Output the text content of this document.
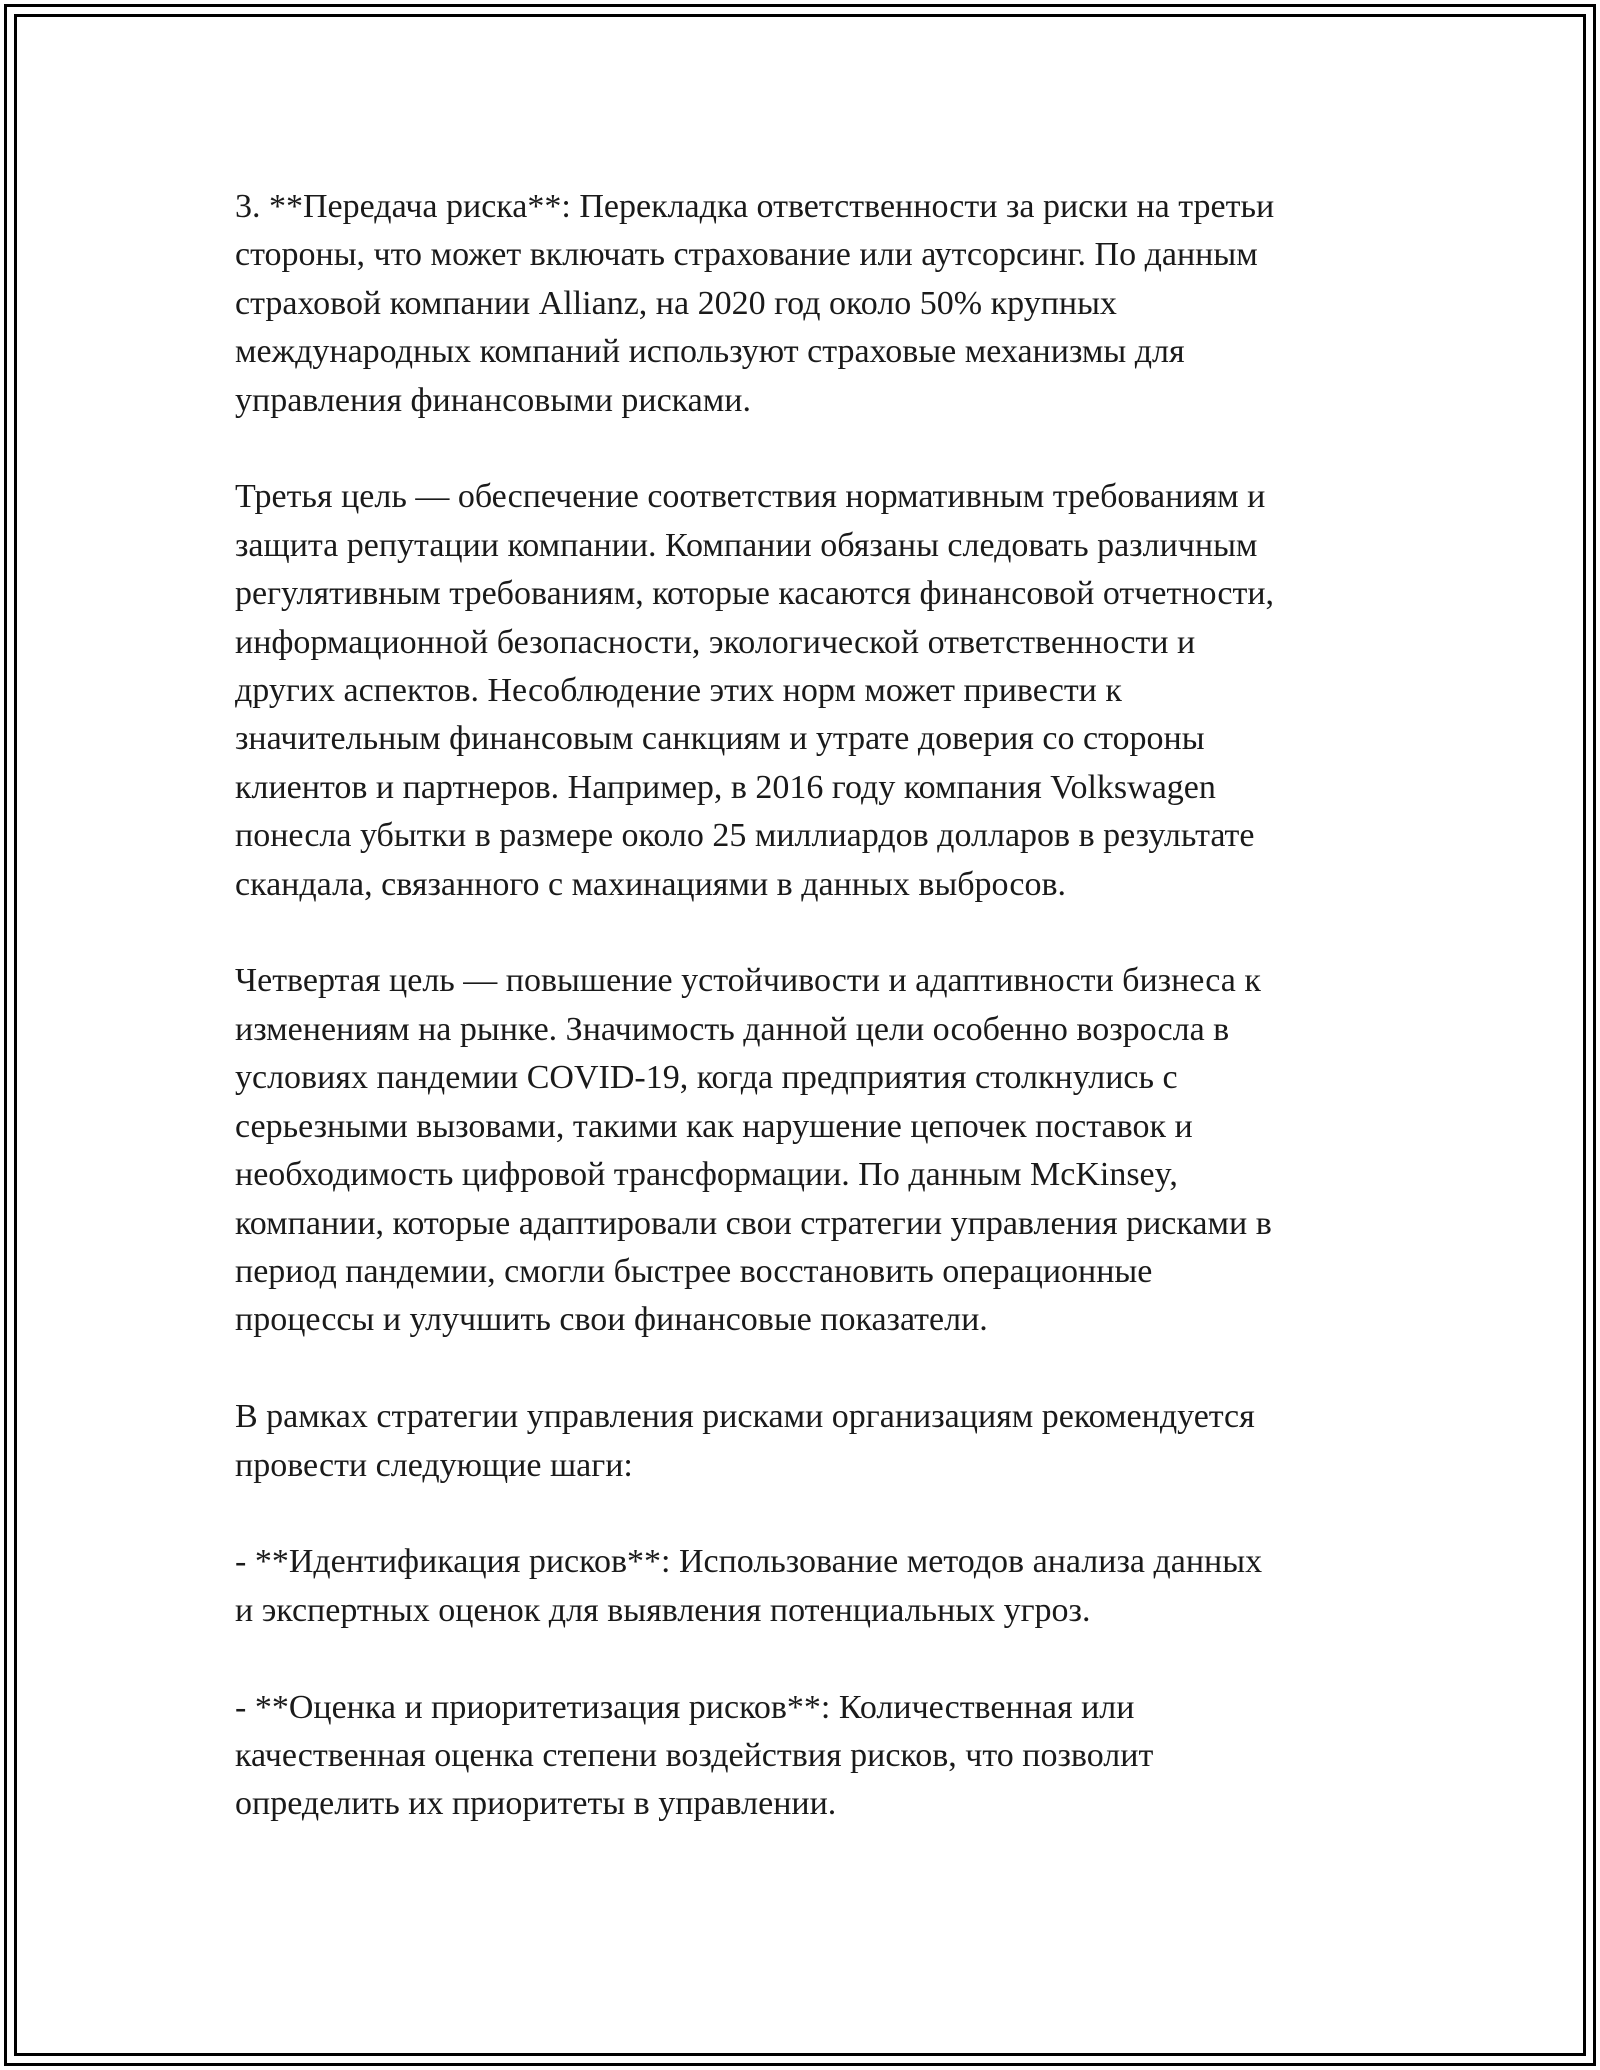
3. **Передача риска**: Перекладка ответственности за риски на третьи
стороны, что может включать страхование или аутсорсинг. По данным
страховой компании Allianz, на 2020 год около 50% крупных
международных компаний используют страховые механизмы для
управления финансовыми рисками.

Третья цель — обеспечение соответствия нормативным требованиям и
защита репутации компании. Компании обязаны следовать различным
регулятивным требованиям, которые касаются финансовой отчетности,
информационной безопасности, экологической ответственности и
других аспектов. Несоблюдение этих норм может привести к
значительным финансовым санкциям и утрате доверия со стороны
клиентов и партнеров. Например, в 2016 году компания Volkswagen
понесла убытки в размере около 25 миллиардов долларов в результате
скандала, связанного с махинациями в данных выбросов.

Четвертая цель — повышение устойчивости и адаптивности бизнеса к
изменениям на рынке. Значимость данной цели особенно возросла в
условиях пандемии COVID-19, когда предприятия столкнулись с
серьезными вызовами, такими как нарушение цепочек поставок и
необходимость цифровой трансформации. По данным McKinsey,
компании, которые адаптировали свои стратегии управления рисками в
период пандемии, смогли быстрее восстановить операционные
процессы и улучшить свои финансовые показатели.

В рамках стратегии управления рисками организациям рекомендуется
провести следующие шаги:

- **Идентификация рисков**: Использование методов анализа данных
и экспертных оценок для выявления потенциальных угроз.

- **Оценка и приоритетизация рисков**: Количественная или
качественная оценка степени воздействия рисков, что позволит
определить их приоритеты в управлении.
